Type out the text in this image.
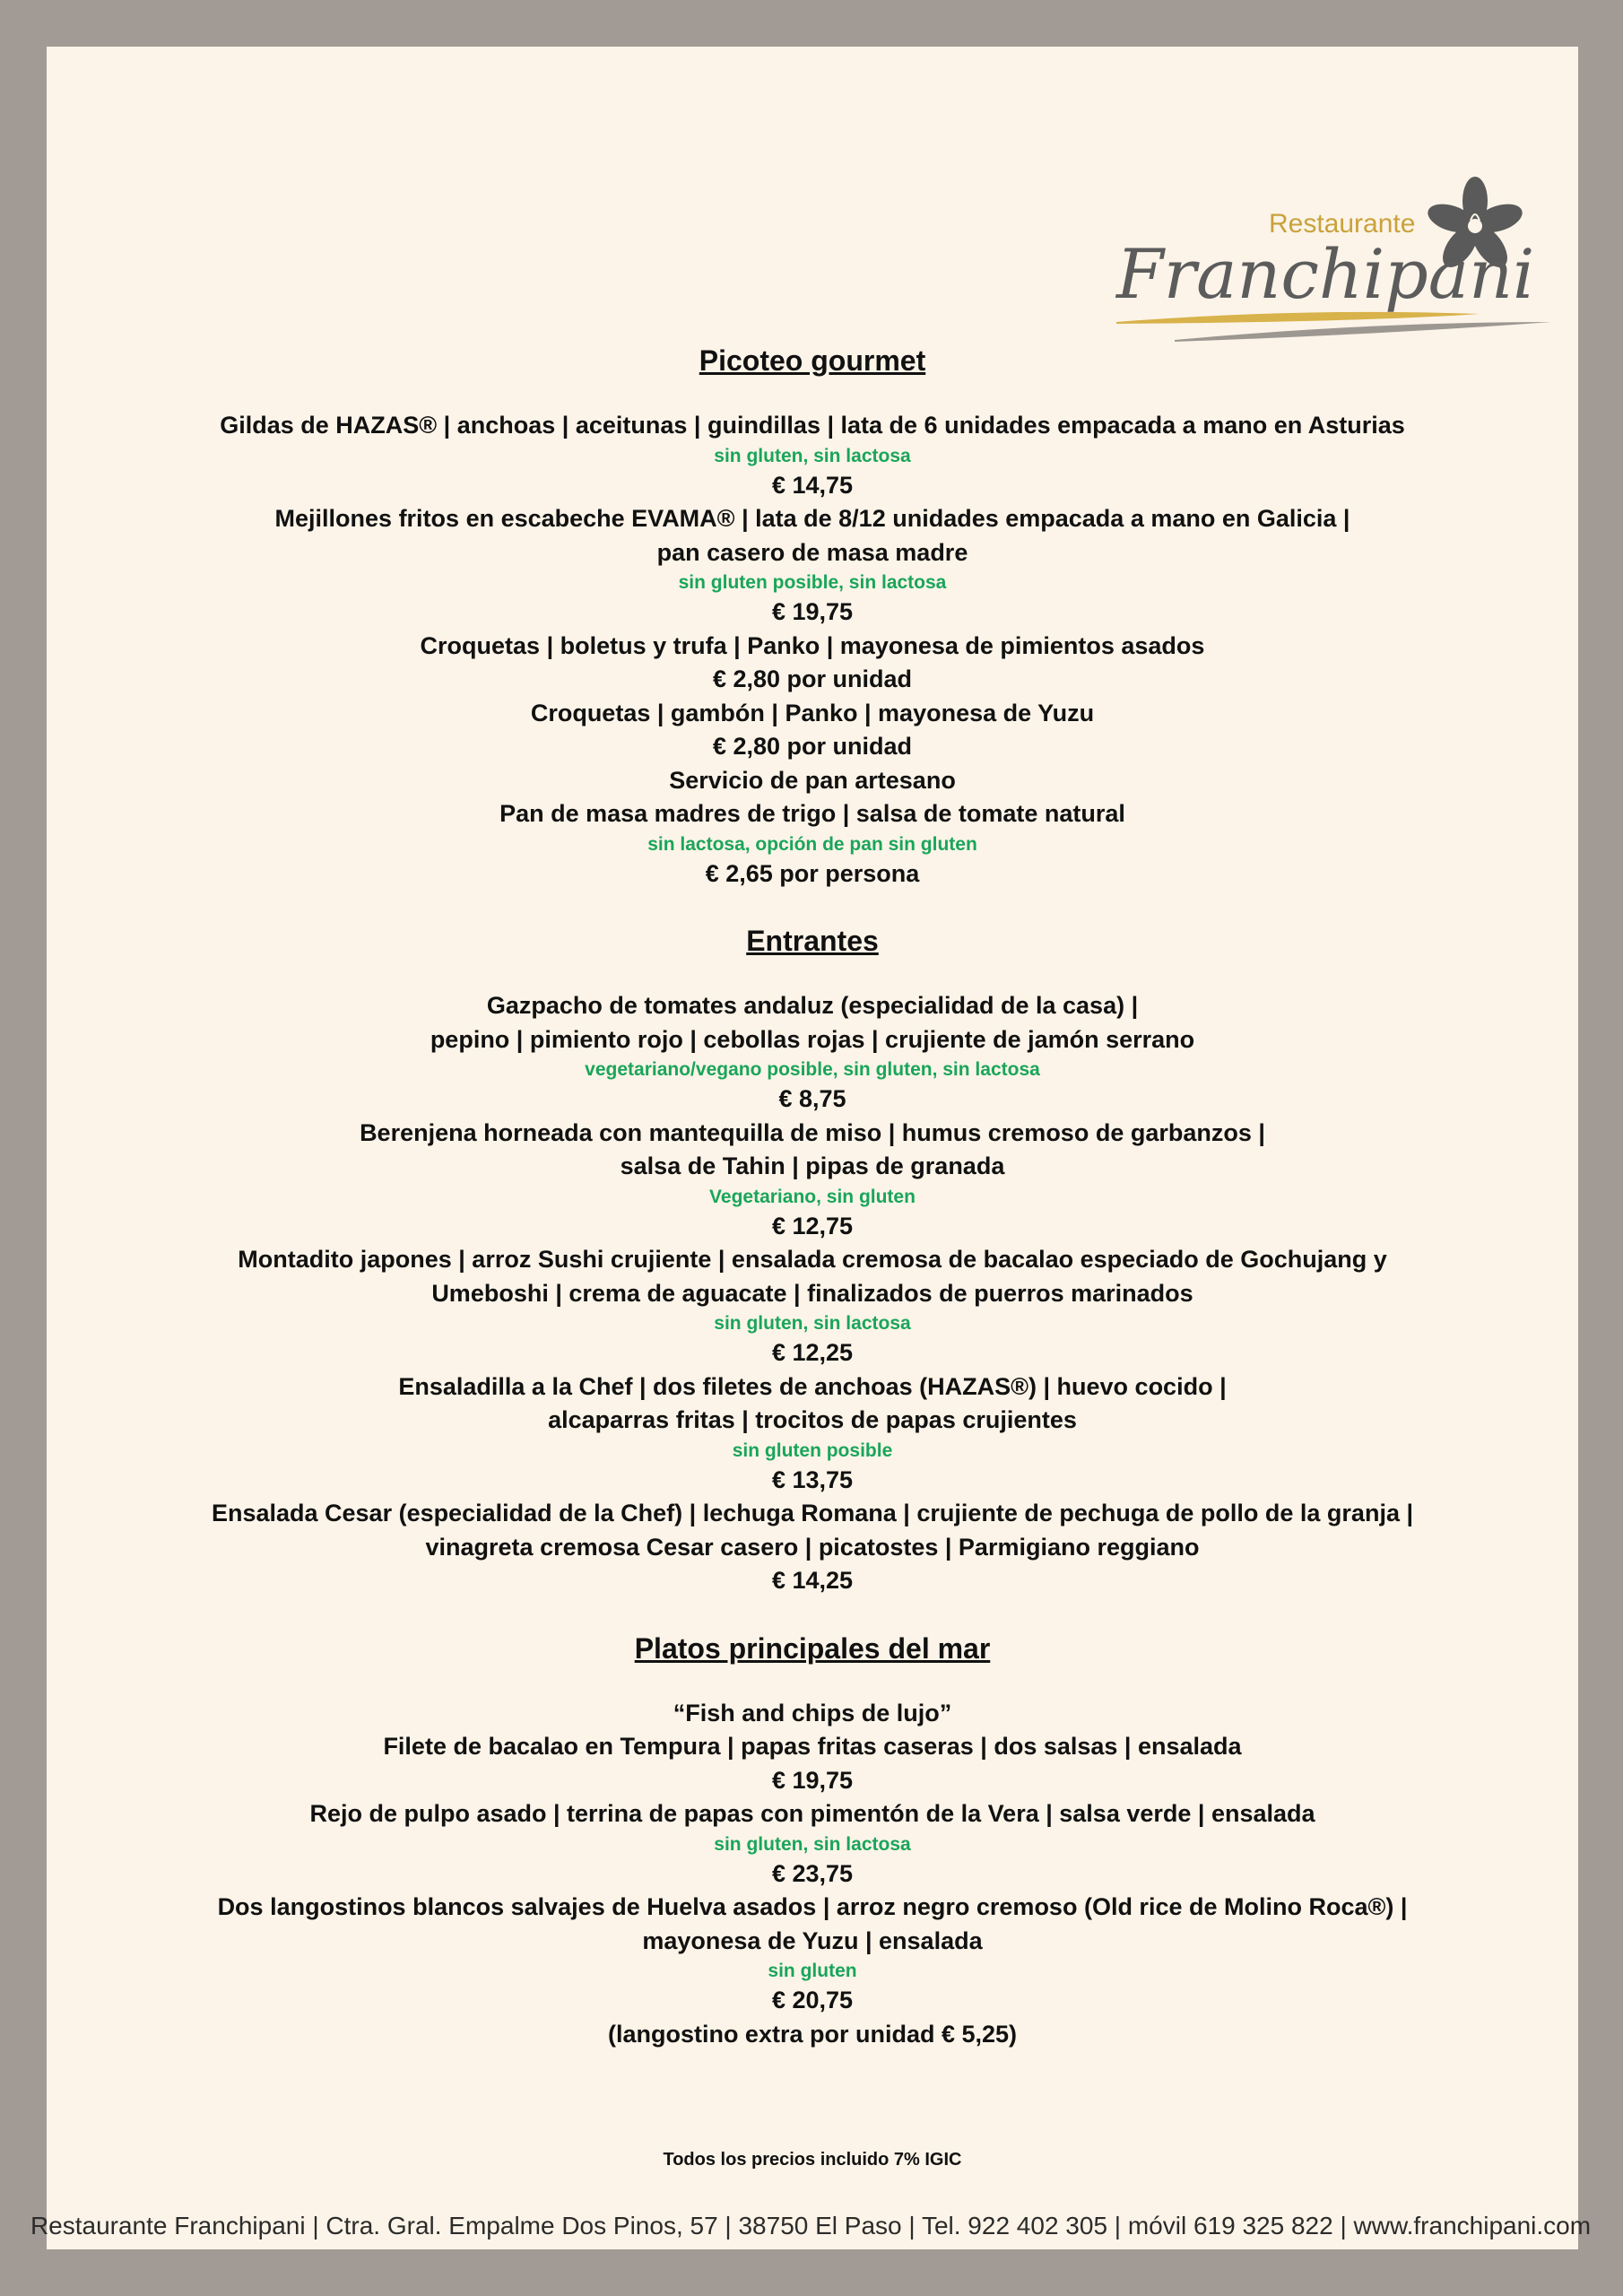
Restaurante
Franchipani
Picoteo gourmet
Gildas de HAZAS® | anchoas | aceitunas | guindillas | lata de 6 unidades empacada a mano en Asturias
sin gluten, sin lactosa
€ 14,75
Mejillones fritos en escabeche EVAMA® | lata de 8/12 unidades empacada a mano en Galicia |
pan casero de masa madre
sin gluten posible, sin lactosa
€ 19,75
Croquetas | boletus y trufa | Panko | mayonesa de pimientos asados
€ 2,80 por unidad
Croquetas | gambón | Panko | mayonesa de Yuzu
€ 2,80 por unidad
Servicio de pan artesano
Pan de masa madres de trigo | salsa de tomate natural
sin lactosa, opción de pan sin gluten
€ 2,65 por persona
Entrantes
Gazpacho de tomates andaluz (especialidad de la casa) |
pepino | pimiento rojo | cebollas rojas | crujiente de jamón serrano
vegetariano/vegano posible, sin gluten, sin lactosa
€ 8,75
Berenjena horneada con mantequilla de miso | humus cremoso de garbanzos |
salsa de Tahin | pipas de granada
Vegetariano, sin gluten
€ 12,75
Montadito japones | arroz Sushi crujiente | ensalada cremosa de bacalao especiado de Gochujang y
Umeboshi | crema de aguacate | finalizados de puerros marinados
sin gluten, sin lactosa
€ 12,25
Ensaladilla a la Chef | dos filetes de anchoas (HAZAS®) | huevo cocido |
alcaparras fritas | trocitos de papas crujientes
sin gluten posible
€ 13,75
Ensalada Cesar (especialidad de la Chef) | lechuga Romana | crujiente de pechuga de pollo de la granja |
vinagreta cremosa Cesar casero | picatostes | Parmigiano reggiano
€ 14,25
Platos principales del mar
“Fish and chips de lujo”
Filete de bacalao en Tempura | papas fritas caseras | dos salsas | ensalada
€ 19,75
Rejo de pulpo asado | terrina de papas con pimentón de la Vera | salsa verde | ensalada
sin gluten, sin lactosa
€ 23,75
Dos langostinos blancos salvajes de Huelva asados | arroz negro cremoso (Old rice de Molino Roca®) |
mayonesa de Yuzu | ensalada
sin gluten
€ 20,75
(langostino extra por unidad € 5,25)
Todos los precios incluido 7% IGIC
Restaurante Franchipani | Ctra. Gral. Empalme Dos Pinos, 57 | 38750 El Paso | Tel. 922 402 305 | móvil 619 325 822 | www.franchipani.com
